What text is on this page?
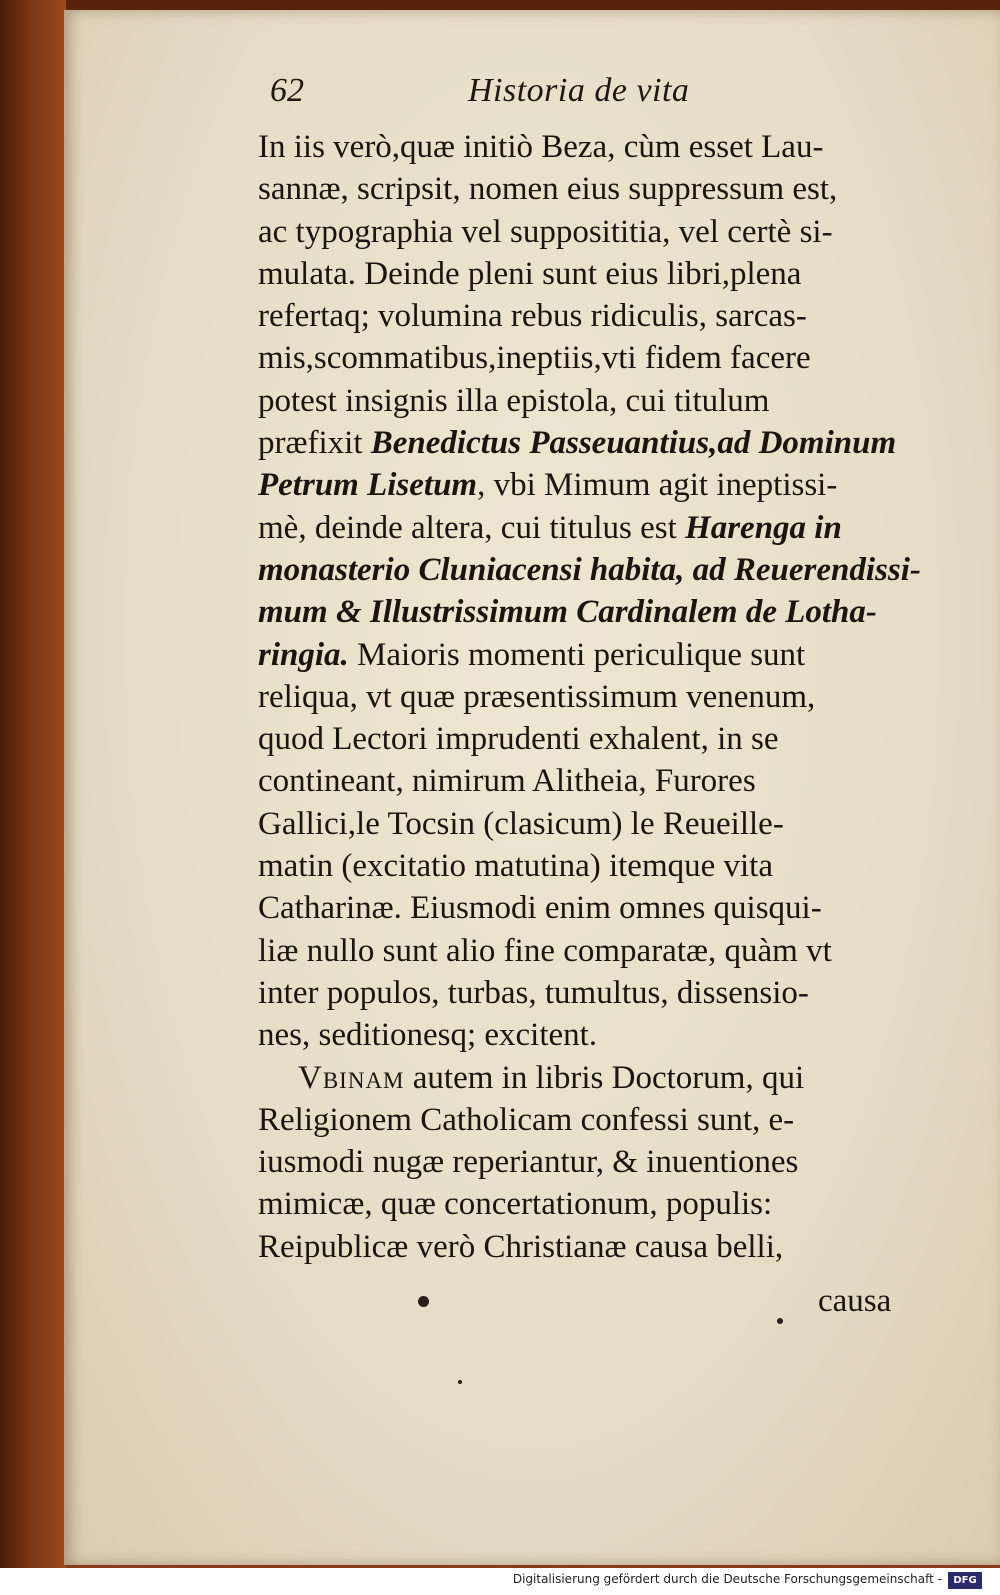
62	Historia de vita
In iis verò,quæ initiò Beza, cùm esset Lau-
sannæ, scripsit, nomen eius suppressum est,
ac typographia vel supposititia, vel certè si-
mulata. Deinde pleni sunt eius libri,plena
refertaq; volumina rebus ridiculis, sarcas-
mis,scommatibus,ineptiis,vti fidem facere
potest insignis illa epistola, cui titulum
præfixit Benedictus Passeuantius,ad Dominum
Petrum Lisetum, vbi Mimum agit ineptissi-
mè, deinde altera, cui titulus est Harenga in
monasterio Cluniacensi habita, ad Reuerendissi-
mum & Illustrissimum Cardinalem de Lotha-
ringia. Maioris momenti periculique sunt
reliqua, vt quæ præsentissimum venenum,
quod Lectori imprudenti exhalent, in se
contineant, nimirum Alitheia, Furores
Gallici,le Tocsin (clasicum) le Reueille-
matin (excitatio matutina) itemque vita
Catharinæ. Eiusmodi enim omnes quisqui-
liæ nullo sunt alio fine comparatæ, quàm vt
inter populos, turbas, tumultus, dissensio-
nes, seditionesq; excitent.
Vbinam autem in libris Doctorum, qui
Religionem Catholicam confessi sunt, e-
iusmodi nugæ reperiantur, & inuentiones
mimicæ, quæ concertationum, populis:
Reipublicæ verò Christianæ causa belli,
causa
Digitalisierung gefördert durch die Deutsche Forschungsgemeinschaft -	DFG
